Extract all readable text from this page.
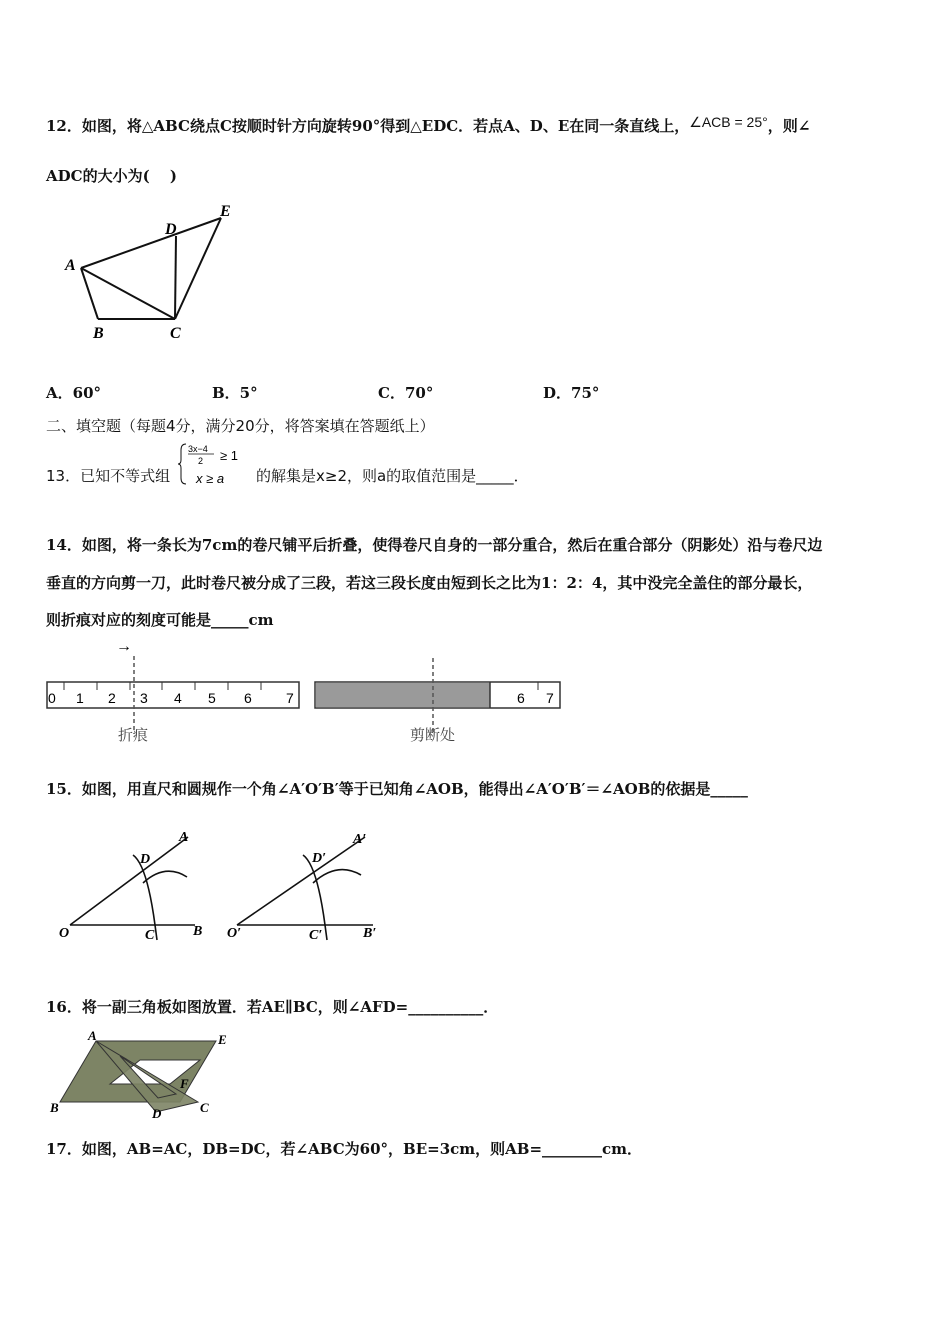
12．如图，将△ABC绕点C按顺时针方向旋转90°得到△EDC．若点A、D、E在同一条直线上，∠ACB = 25°，则∠
ADC的大小为(　 )
A
B	C
D
E
A．60°	B．5°	C．70°	D．75°
二、填空题（每题4分，满分20分，将答案填在答题纸上）
13．已知不等式组
3x−4
2 ≥ 1
x ≥ a 的解集是x≥2，则a的取值范围是_____．
14．如图，将一条长为7cm的卷尺铺平后折叠，使得卷尺自身的一部分重合，然后在重合部分（阴影处）沿与卷尺边
垂直的方向剪一刀，此时卷尺被分成了三段，若这三段长度由短到长之比为1：2：4，其中没完全盖住的部分最长，
则折痕对应的刻度可能是_____cm
0 1 2 3 4 5 6 7
→
折痕
6 7
剪断处
15．如图，用直尺和圆规作一个角∠A′O′B′等于已知角∠AOB，能得出∠A′O′B′＝∠AOB的依据是_____
O	C	B
D
A
O′	C′	B′
D′
A′
16．将一副三角板如图放置．若AE∥BC，则∠AFD=__________．
A	E
B	D	C
F
17．如图，AB=AC，DB=DC，若∠ABC为60°，BE=3cm，则AB=________cm．
